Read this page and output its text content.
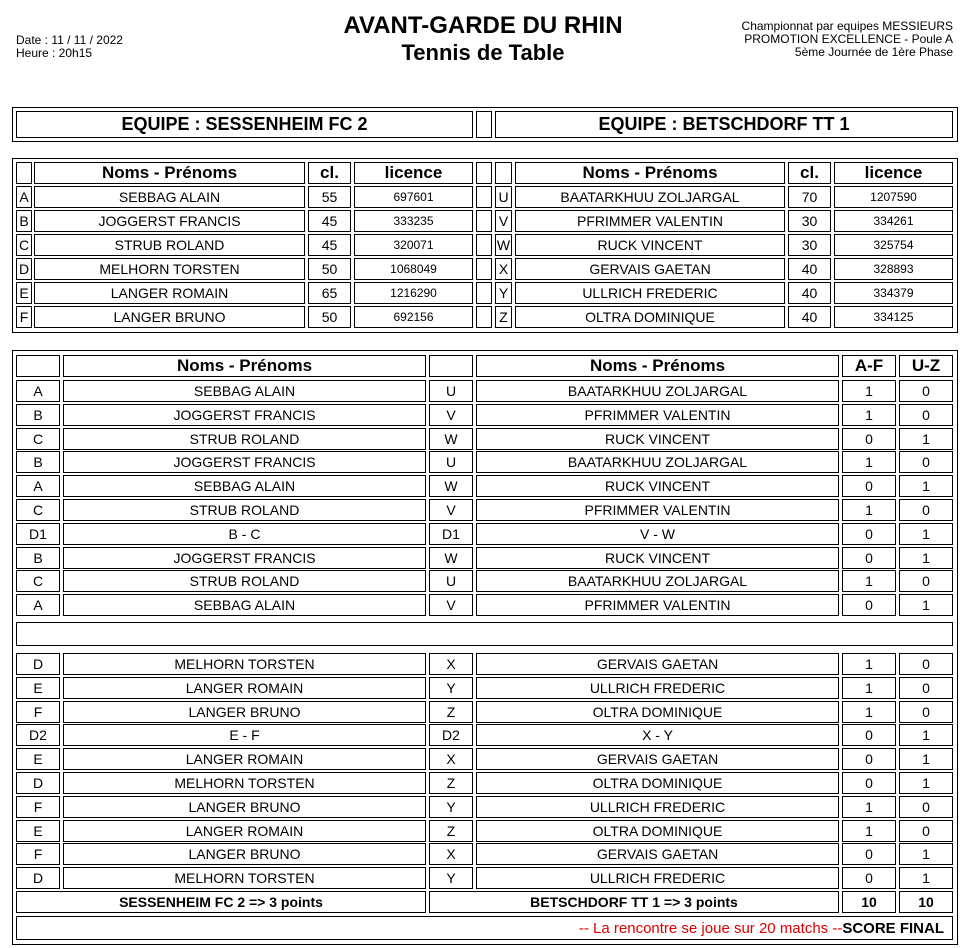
Date : 11 / 11 / 2022
Heure : 20h15
AVANT-GARDE DU RHIN
Tennis de Table
Championnat par equipes MESSIEURS
PROMOTION EXCELLENCE - Poule A
5ème Journée de 1ère Phase
EQUIPE : SESSENHEIM FC 2	EQUIPE : BETSCHDORF TT 1
Noms - Prénoms	cl.	licence	Noms - Prénoms	cl.	licence
A	SEBBAG ALAIN	55	697601	U	BAATARKHUU ZOLJARGAL	70	1207590
B	JOGGERST FRANCIS	45	333235	V	PFRIMMER VALENTIN	30	334261
C	STRUB ROLAND	45	320071	W	RUCK VINCENT	30	325754
D	MELHORN TORSTEN	50	1068049	X	GERVAIS GAETAN	40	328893
E	LANGER ROMAIN	65	1216290	Y	ULLRICH FREDERIC	40	334379
F	LANGER BRUNO	50	692156	Z	OLTRA DOMINIQUE	40	334125
Noms - Prénoms	Noms - Prénoms	A-F	U-Z
A	SEBBAG ALAIN	U	BAATARKHUU ZOLJARGAL	1	0
B	JOGGERST FRANCIS	V	PFRIMMER VALENTIN	1	0
C	STRUB ROLAND	W	RUCK VINCENT	0	1
B	JOGGERST FRANCIS	U	BAATARKHUU ZOLJARGAL	1	0
A	SEBBAG ALAIN	W	RUCK VINCENT	0	1
C	STRUB ROLAND	V	PFRIMMER VALENTIN	1	0
D1	B - C	D1	V - W	0	1
B	JOGGERST FRANCIS	W	RUCK VINCENT	0	1
C	STRUB ROLAND	U	BAATARKHUU ZOLJARGAL	1	0
A	SEBBAG ALAIN	V	PFRIMMER VALENTIN	0	1
D	MELHORN TORSTEN	X	GERVAIS GAETAN	1	0
E	LANGER ROMAIN	Y	ULLRICH FREDERIC	1	0
F	LANGER BRUNO	Z	OLTRA DOMINIQUE	1	0
D2	E - F	D2	X - Y	0	1
E	LANGER ROMAIN	X	GERVAIS GAETAN	0	1
D	MELHORN TORSTEN	Z	OLTRA DOMINIQUE	0	1
F	LANGER BRUNO	Y	ULLRICH FREDERIC	1	0
E	LANGER ROMAIN	Z	OLTRA DOMINIQUE	1	0
F	LANGER BRUNO	X	GERVAIS GAETAN	0	1
D	MELHORN TORSTEN	Y	ULLRICH FREDERIC	0	1
SESSENHEIM FC 2 => 3 points	BETSCHDORF TT 1 => 3 points	10	10
-- La rencontre se joue sur 20 matchs -- SCORE FINAL
